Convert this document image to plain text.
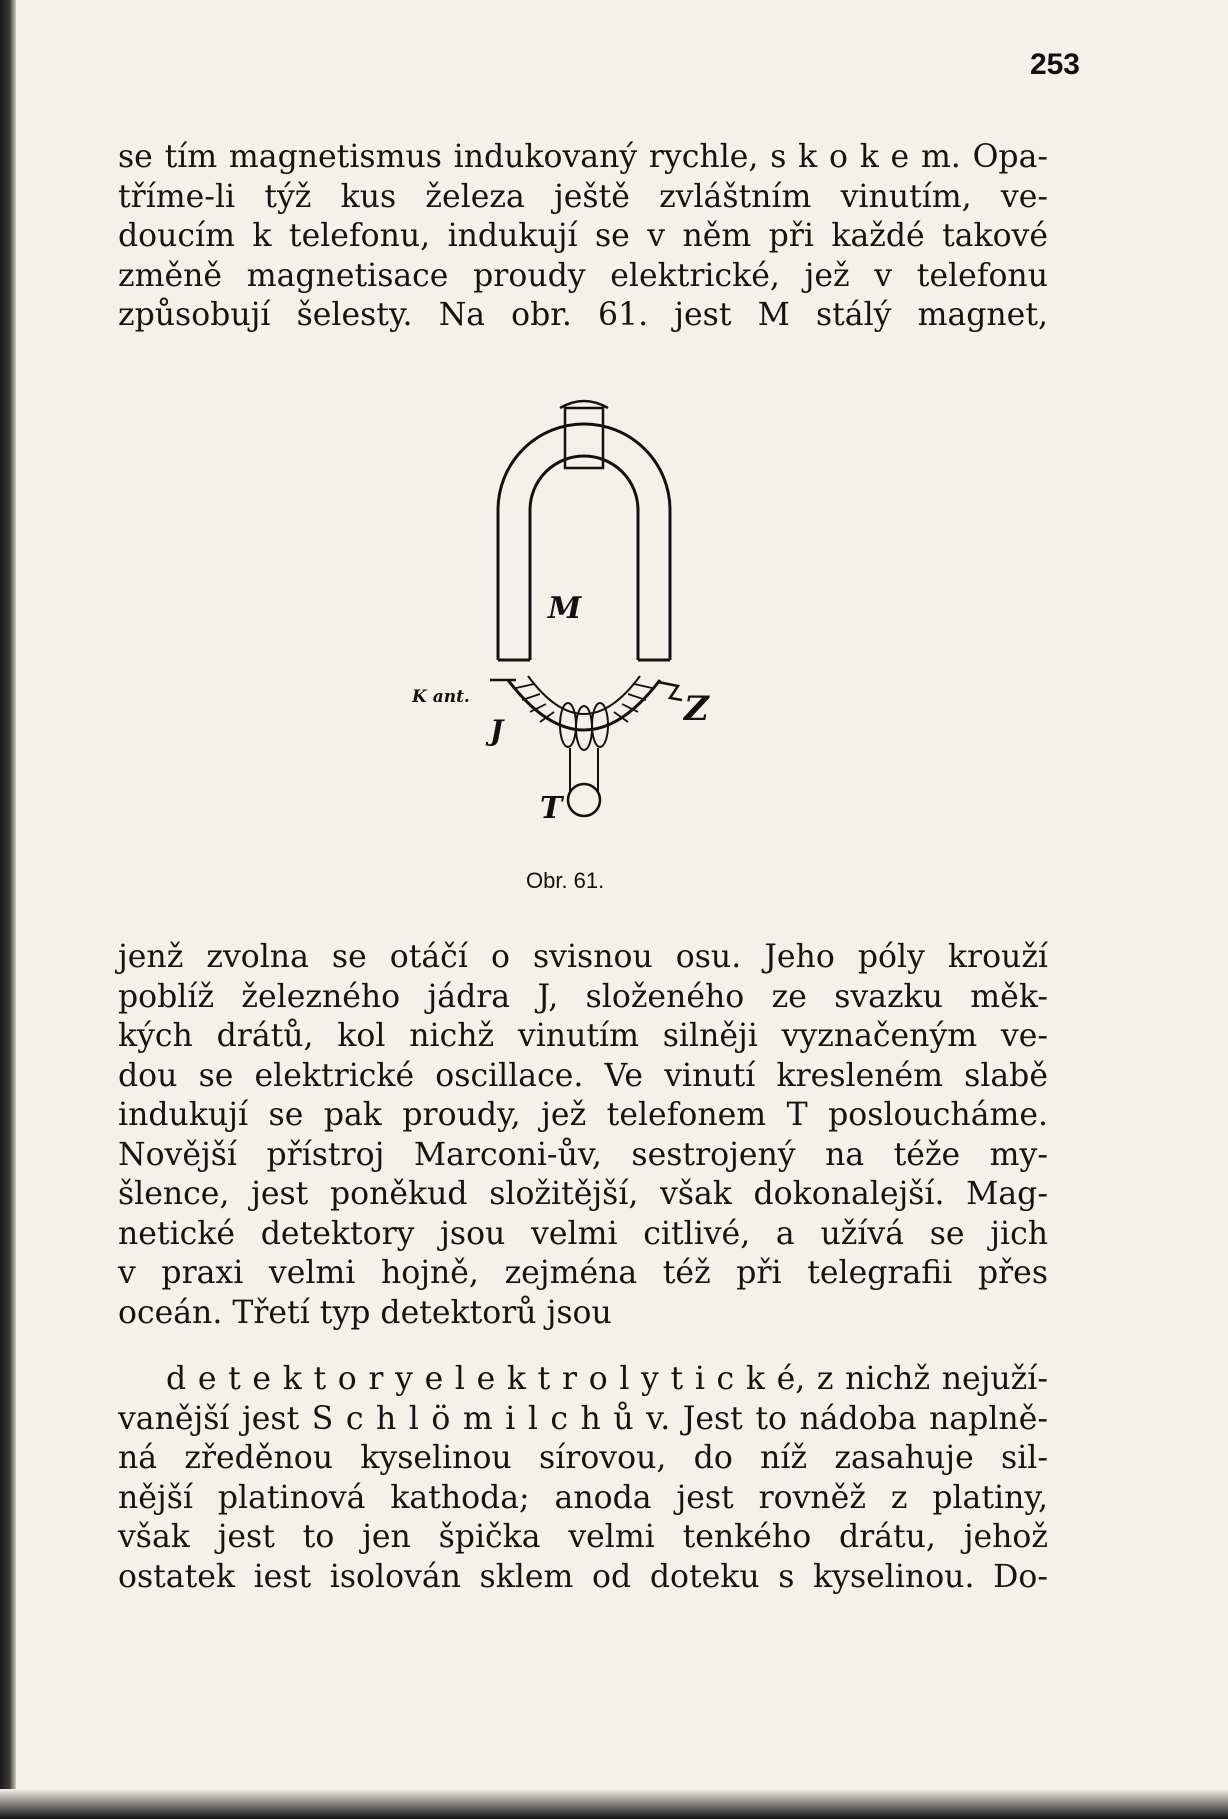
253
se tím magnetismus indukovaný rychle, s k o k e m. Opa-
tříme-li týž kus železa ještě zvláštním vinutím, ve-
doucím k telefonu, indukují se v něm při každé takové
změně magnetisace proudy elektrické, jež v telefonu
způsobují šelesty. Na obr. 61. jest M stálý magnet,
M
K ant.
J
Z
T
Obr. 61.
jenž zvolna se otáčí o svisnou osu. Jeho póly krouží
poblíž železného jádra J, složeného ze svazku měk-
kých drátů, kol nichž vinutím silněji vyznačeným ve-
dou se elektrické oscillace. Ve vinutí kresleném slabě
indukují se pak proudy, jež telefonem T posloucháme.
Novější přístroj Marconi-ův, sestrojený na téže my-
šlence, jest poněkud složitější, však dokonalejší. Mag-
netické detektory jsou velmi citlivé, a užívá se jich
v praxi velmi hojně, zejména též při telegrafii přes
oceán. Třetí typ detektorů jsou
d e t e k t o r y e l e k t r o l y t i c k é, z nichž nejuží-
vanější jest S c h l ö m i l c h ů v. Jest to nádoba naplně-
ná zředěnou kyselinou sírovou, do níž zasahuje sil-
nější platinová kathoda; anoda jest rovněž z platiny,
však jest to jen špička velmi tenkého drátu, jehož
ostatek iest isolován sklem od doteku s kyselinou. Do-
